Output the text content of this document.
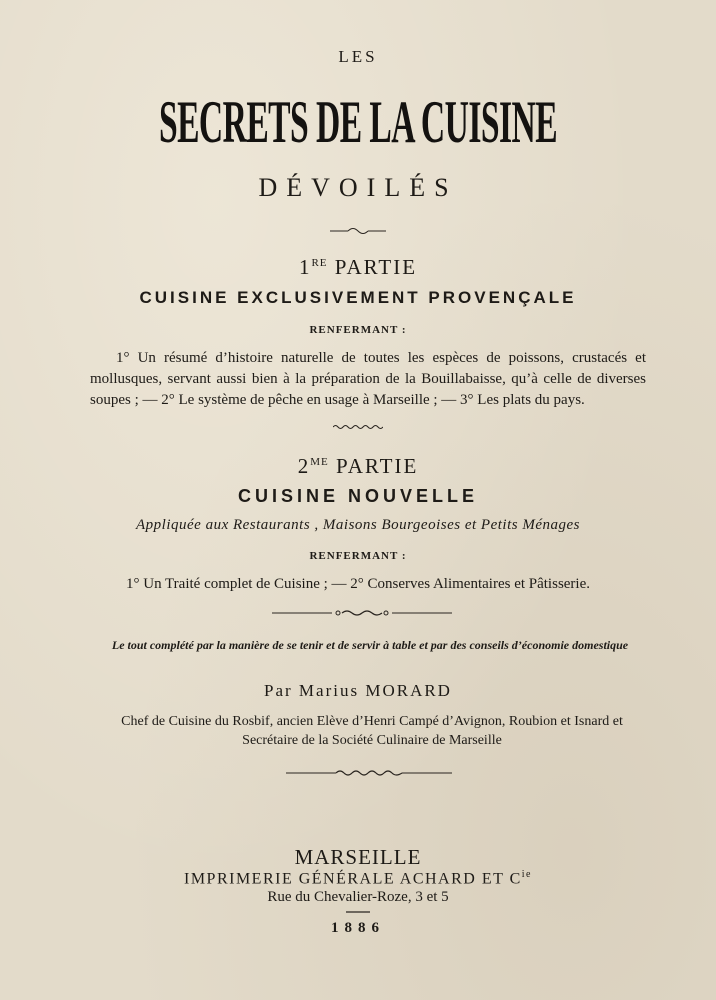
LES
SECRETS DE LA CUISINE
DÉVOILÉS
1RE PARTIE
CUISINE EXCLUSIVEMENT PROVENÇALE
RENFERMANT :
1° Un résumé d’histoire naturelle de toutes les espèces de poissons, crustacés et mollusques, servant aussi bien à la préparation de la Bouillabaisse, qu’à celle de diverses soupes ; — 2° Le système de pêche en usage à Marseille ; — 3° Les plats du pays.
$2^{ME}$ PARTIE
CUISINE NOUVELLE
Appliquée aux Restaurants , Maisons Bourgeoises et Petits Ménages
RENFERMANT :
1° Un Traité complet de Cuisine ; — 2° Conserves Alimentaires et Pâtisserie.
Le tout complété par la manière de se tenir et de servir à table et par des conseils d’économie domestique
Par Marius MORARD
Chef de Cuisine du Rosbif, ancien Elève d’Henri Campé d’Avignon, Roubion et Isnard et Secrétaire de la Société Culinaire de Marseille
MARSEILLE
IMPRIMERIE GÉNÉRALE ACHARD ET $C^{ie}$
Rue du Chevalier-Roze, 3 et 5
1886
